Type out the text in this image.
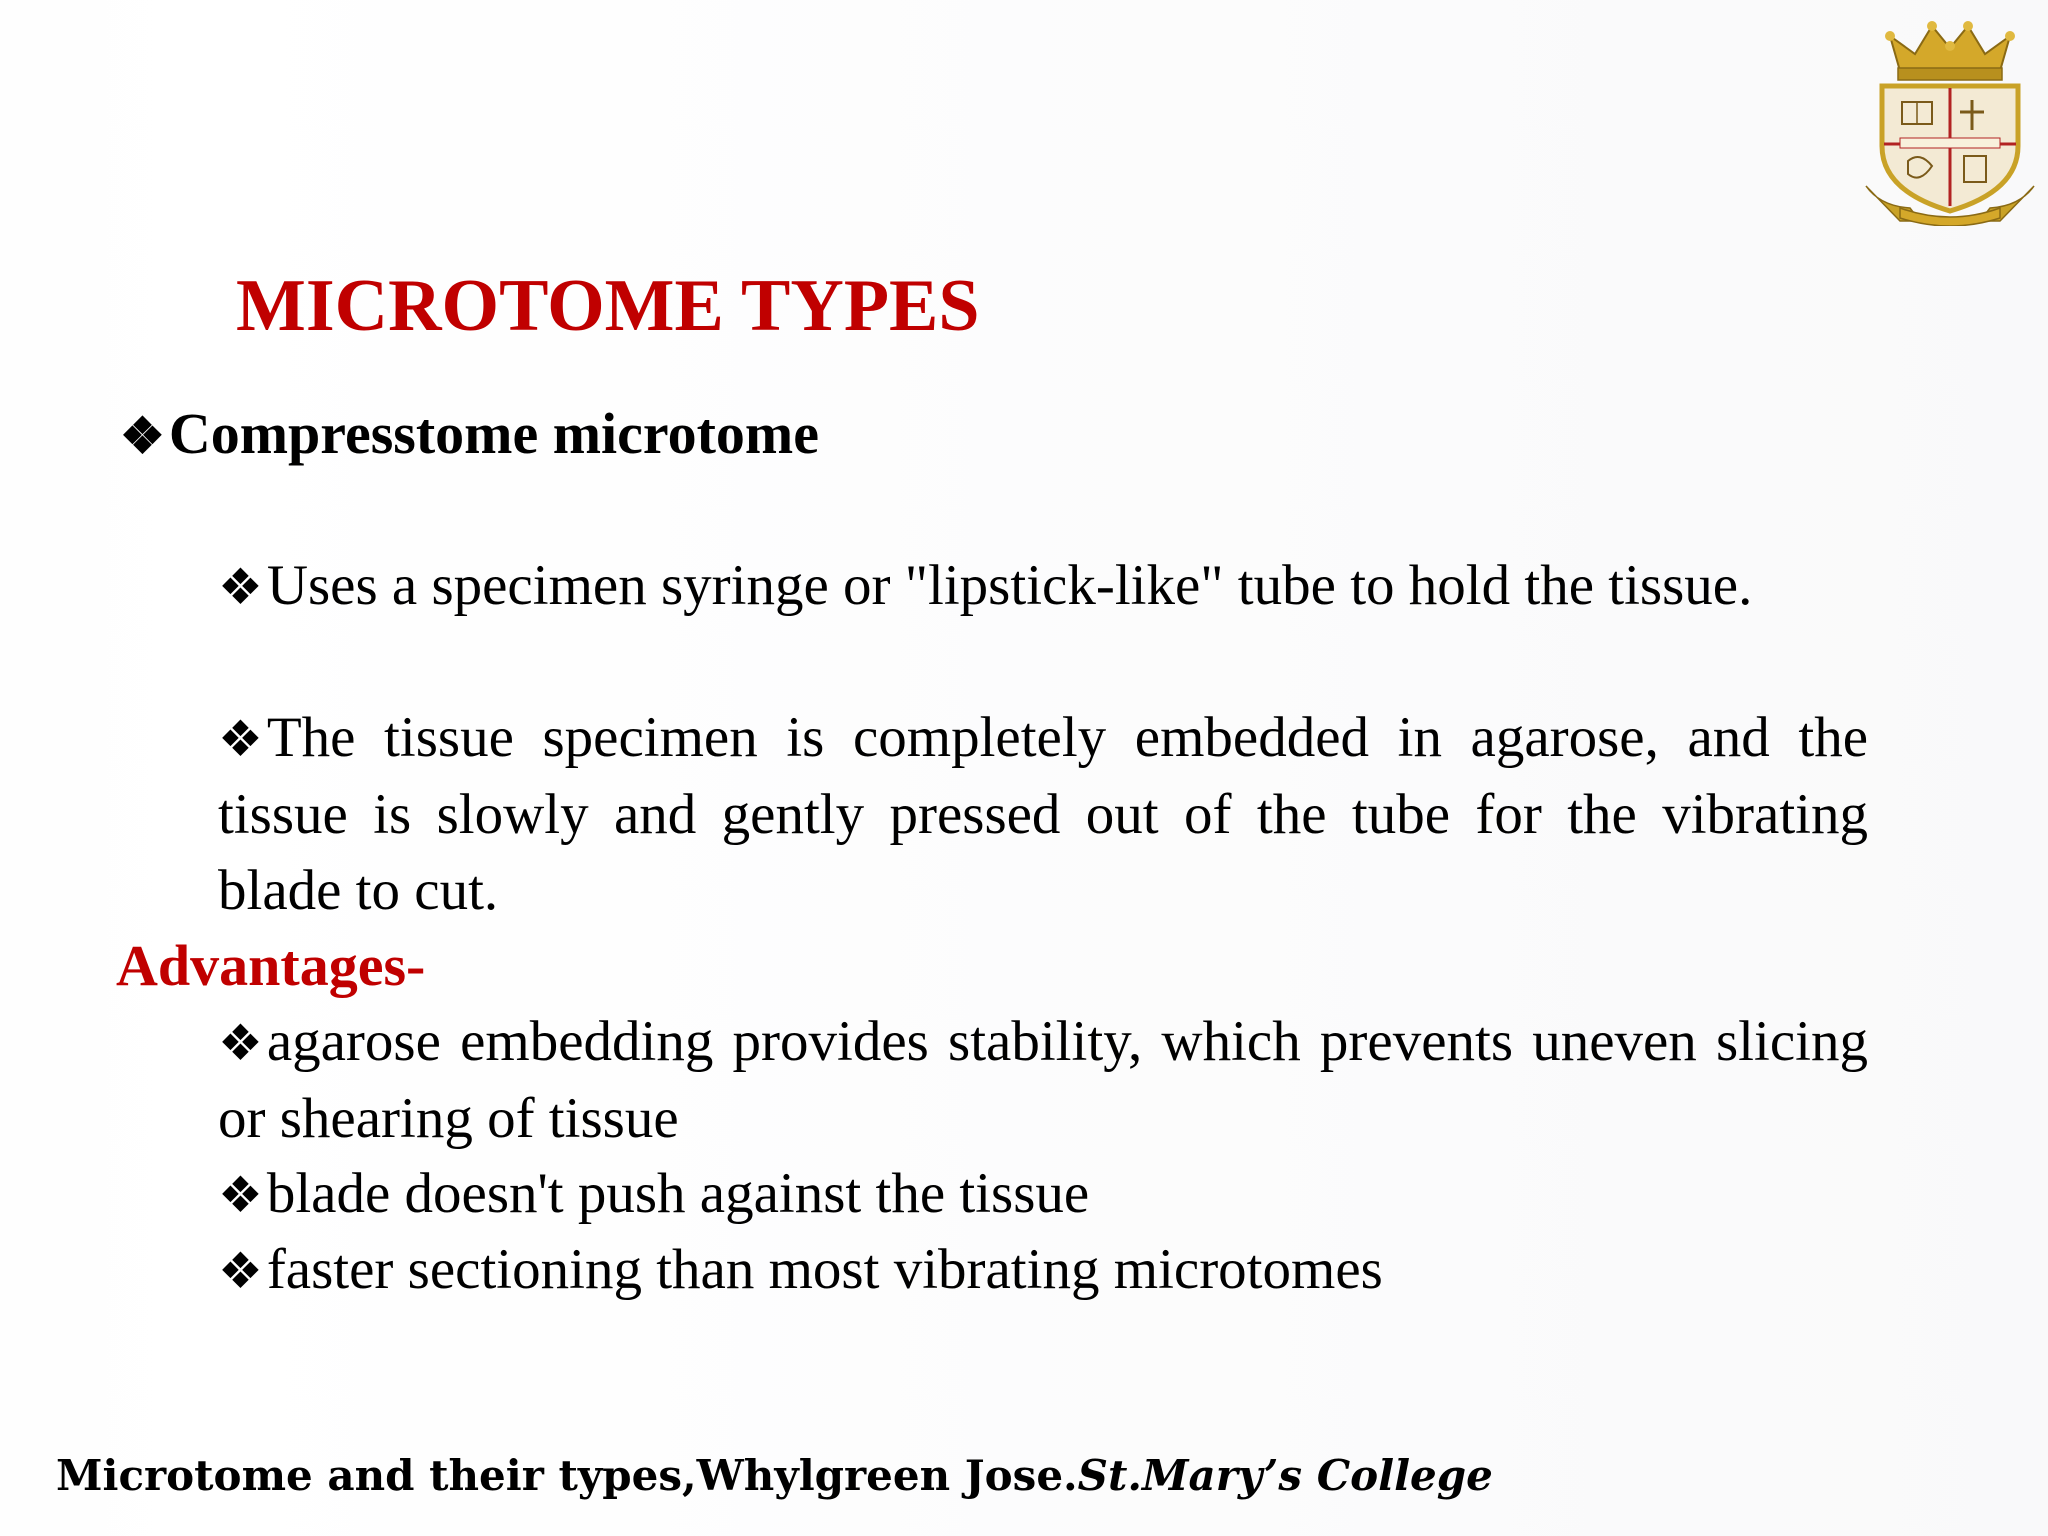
MICROTOME TYPES
❖Compresstome microtome

❖Uses a specimen syringe or "lipstick-like" tube to hold the tissue.

❖The tissue specimen is completely embedded in agarose, and the tissue is slowly and gently pressed out of the tube for the vibrating blade to cut.

Advantages-

❖agarose embedding provides stability, which prevents uneven slicing or shearing of tissue

❖blade doesn't push against the tissue

❖faster sectioning than most vibrating microtomes

Microtome and their types,Whylgreen Jose.St.Mary’s College
